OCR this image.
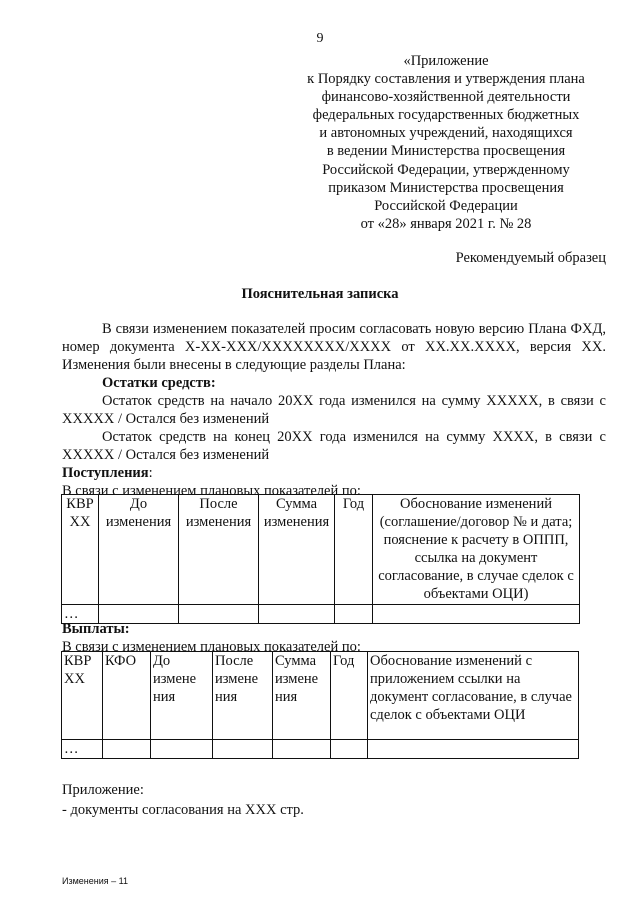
9
«Приложение
к Порядку составления и утверждения плана
финансово-хозяйственной деятельности
федеральных государственных бюджетных
и автономных учреждений, находящихся
в ведении Министерства просвещения
Российской Федерации, утвержденному
приказом Министерства просвещения
Российской Федерации
от «28» января 2021 г. № 28
Рекомендуемый образец
Пояснительная записка
В связи изменением показателей просим согласовать новую версию Плана ФХД, номер документа Х-ХХ-ХХХ/ХХХХХХХХ/ХХХХ от ХХ.ХХ.ХХХХ, версия ХХ. Изменения были внесены в следующие разделы Плана:
Остатки средств:
Остаток средств на начало 20ХХ года изменился на сумму ХХХХХ, в связи с ХХХХХ / Остался без изменений
Остаток средств на конец 20ХХ года изменился на сумму ХХХХ, в связи с ХХХХХ / Остался без изменений
Поступления:
В связи с изменением плановых показателей по:
КВР ХХ	До изменения	После изменения	Сумма изменения	Год	Обоснование изменений (соглашение/договор № и дата; пояснение к расчету в ОППП, ссылка на документ согласование, в случае сделок с объектами ОЦИ)
…					
Выплаты:
В связи с изменением плановых показателей по:
КВР ХХ	КФО	До измене ния	После измене ния	Сумма измене ния	Год	Обоснование изменений с приложением ссылки на документ согласование, в случае сделок с объектами ОЦИ
…						
Приложение:
- документы согласования на ХХХ стр.
Изменения – 11
